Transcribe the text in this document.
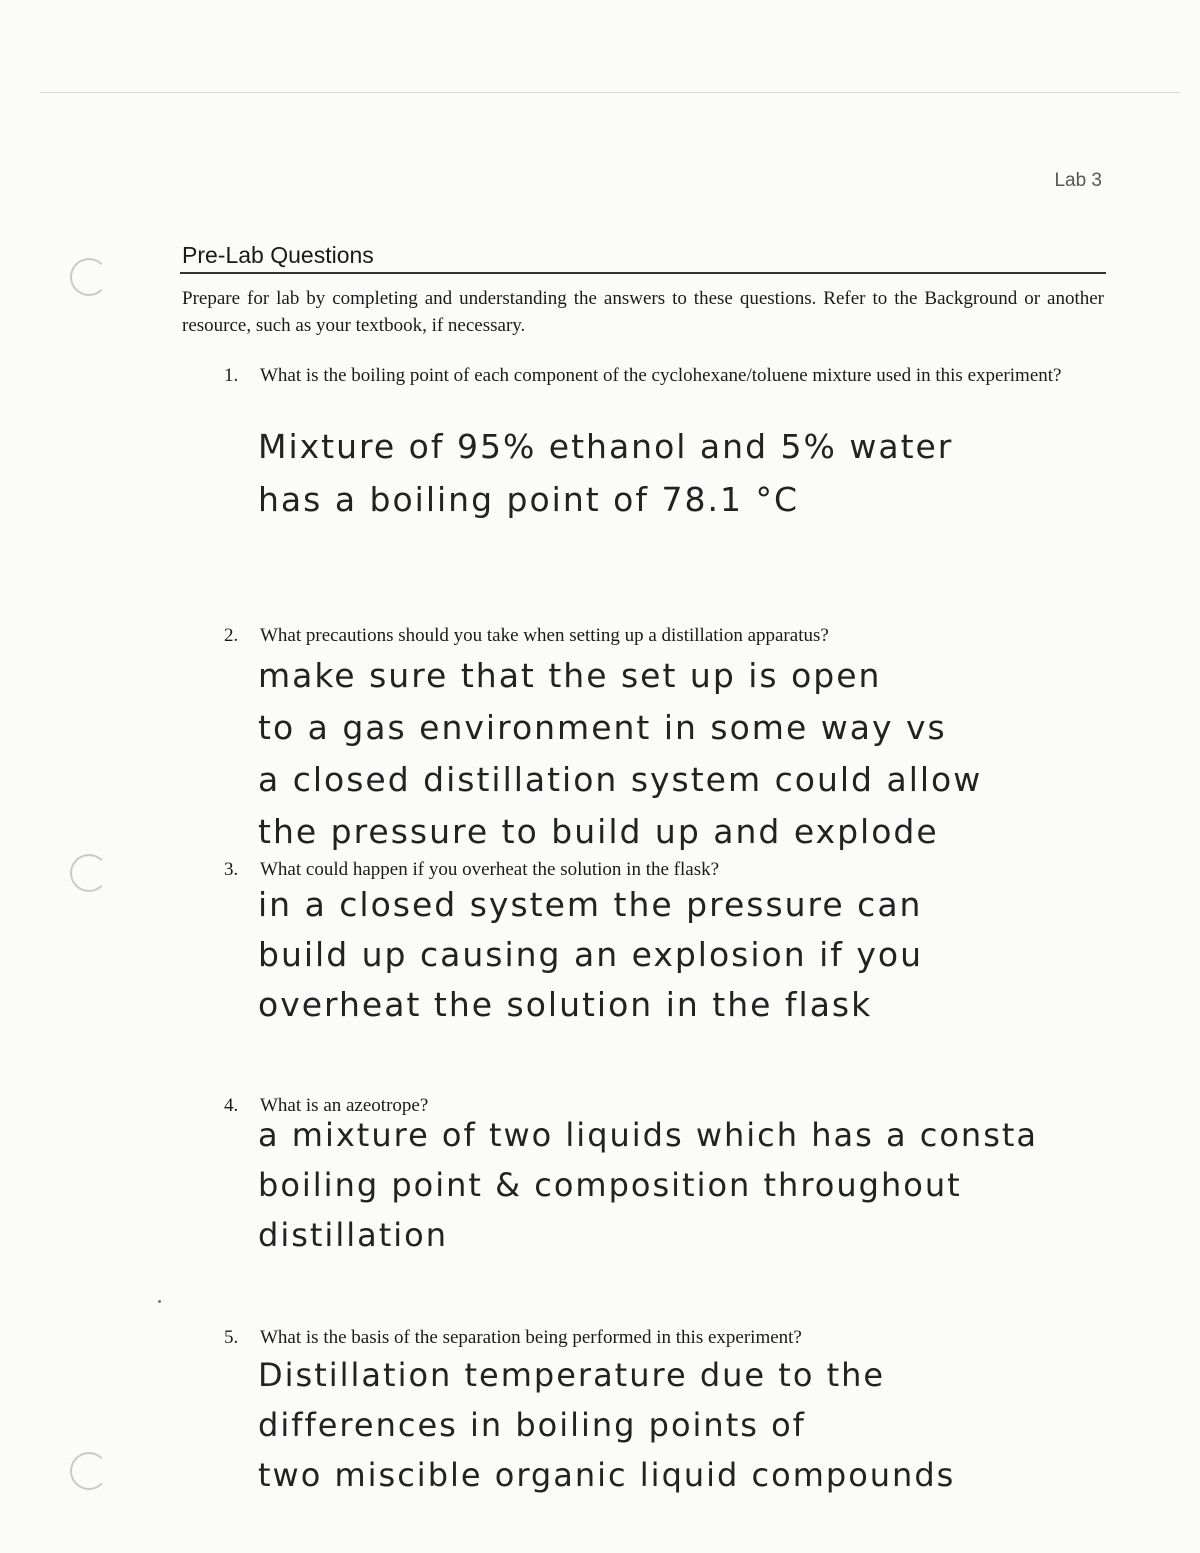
Lab 3
Pre-Lab Questions
Prepare for lab by completing and understanding the answers to these questions. Refer to the Background or another resource, such as your textbook, if necessary.
1. What is the boiling point of each component of the cyclohexane/toluene mixture used in this experiment?
Mixture of 95% ethanol and 5% water
has a boiling point of 78.1 °C
2. What precautions should you take when setting up a distillation apparatus?
make sure that the set up is open
to a gas environment in some way vs
a closed distillation system could allow
the pressure to build up and explode
3. What could happen if you overheat the solution in the flask?
in a closed system the pressure can
build up causing an explosion if you
overheat the solution in the flask
4. What is an azeotrope?
a mixture of two liquids which has a consta
boiling point & composition throughout
distillation
5. What is the basis of the separation being performed in this experiment?
Distillation temperature due to the
differences in boiling points of
two miscible organic liquid compounds
